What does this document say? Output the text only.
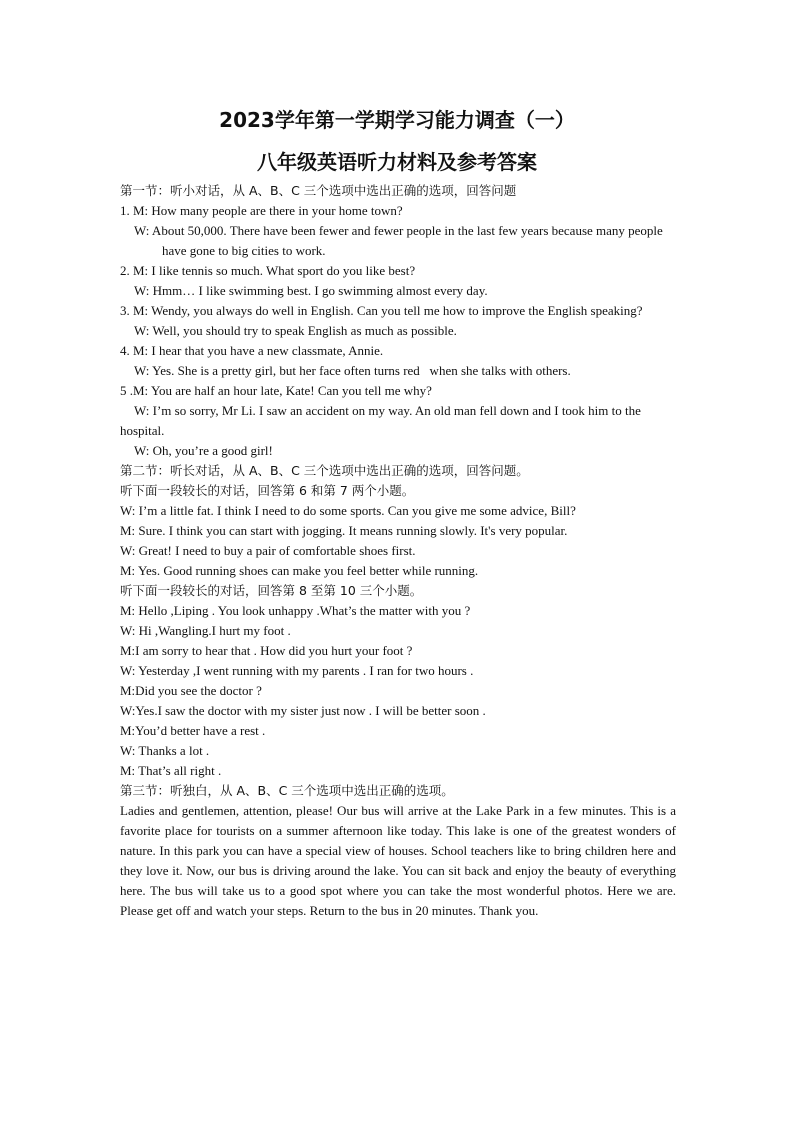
2023学年第一学期学习能力调查（一）
八年级英语听力材料及参考答案
第一节：听小对话，从 A、B、C 三个选项中选出正确的选项，回答问题
1. M: How many people are there in your home town?
W: About 50,000. There have been fewer and fewer people in the last few years because many people have gone to big cities to work.
2. M: I like tennis so much. What sport do you like best?
W: Hmm… I like swimming best. I go swimming almost every day.
3. M: Wendy, you always do well in English. Can you tell me how to improve the English speaking?
W: Well, you should try to speak English as much as possible.
4. M: I hear that you have a new classmate, Annie.
W: Yes. She is a pretty girl, but her face often turns red   when she talks with others.
5 .M: You are half an hour late, Kate! Can you tell me why?
W: I’m so sorry, Mr Li. I saw an accident on my way. An old man fell down and I took him to the hospital.
W: Oh, you’re a good girl!
第二节：听长对话，从 A、B、C 三个选项中选出正确的选项，回答问题。
听下面一段较长的对话，回答第 6 和第 7 两个小题。
W: I’m a little fat. I think I need to do some sports. Can you give me some advice, Bill?
M: Sure. I think you can start with jogging. It means running slowly. It's very popular.
W: Great! I need to buy a pair of comfortable shoes first.
M: Yes. Good running shoes can make you feel better while running.
听下面一段较长的对话，回答第 8 至第 10 三个小题。
M: Hello ,Liping . You look unhappy .What’s the matter with you ?
W: Hi ,Wangling.I hurt my foot .
M:I am sorry to hear that . How did you hurt your foot ?
W: Yesterday ,I went running with my parents . I ran for two hours .
M:Did you see the doctor ?
W:Yes.I saw the doctor with my sister just now . I will be better soon .
M:You’d better have a rest .
W: Thanks a lot .
M: That’s all right .
第三节：听独白，从 A、B、C 三个选项中选出正确的选项。
Ladies and gentlemen, attention, please! Our bus will arrive at the Lake Park in a few minutes. This is a favorite place for tourists on a summer afternoon like today. This lake is one of the greatest wonders of nature. In this park you can have a special view of houses. School teachers like to bring children here and they love it. Now, our bus is driving around the lake. You can sit back and enjoy the beauty of everything here. The bus will take us to a good spot where you can take the most wonderful photos. Here we are. Please get off and watch your steps. Return to the bus in 20 minutes. Thank you.
